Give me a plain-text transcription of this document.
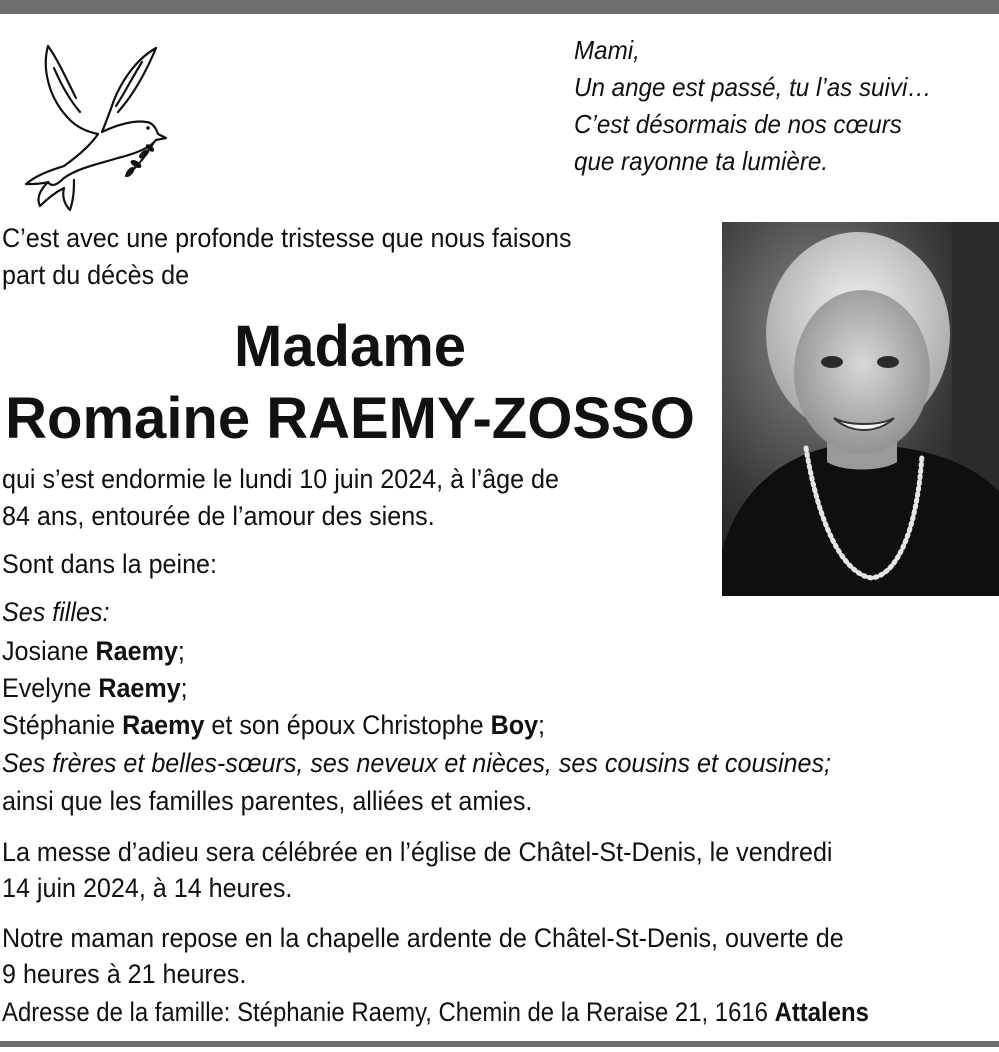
Mami,
Un ange est passé, tu l’as suivi…
C’est désormais de nos cœurs
que rayonne ta lumière.
C’est avec une profonde tristesse que nous faisons
part du décès de
Madame
Romaine RAEMY-ZOSSO
qui s’est endormie le lundi 10 juin 2024, à l’âge de
84 ans, entourée de l’amour des siens.
Sont dans la peine:
Ses filles:
Josiane Raemy;
Evelyne Raemy;
Stéphanie Raemy et son époux Christophe Boy;
Ses frères et belles-sœurs, ses neveux et nièces, ses cousins et cousines;
ainsi que les familles parentes, alliées et amies.
La messe d’adieu sera célébrée en l’église de Châtel-St-Denis, le vendredi
14 juin 2024, à 14 heures.
Notre maman repose en la chapelle ardente de Châtel-St-Denis, ouverte de
9 heures à 21 heures.
Adresse de la famille: Stéphanie Raemy, Chemin de la Reraise 21, 1616 Attalens
